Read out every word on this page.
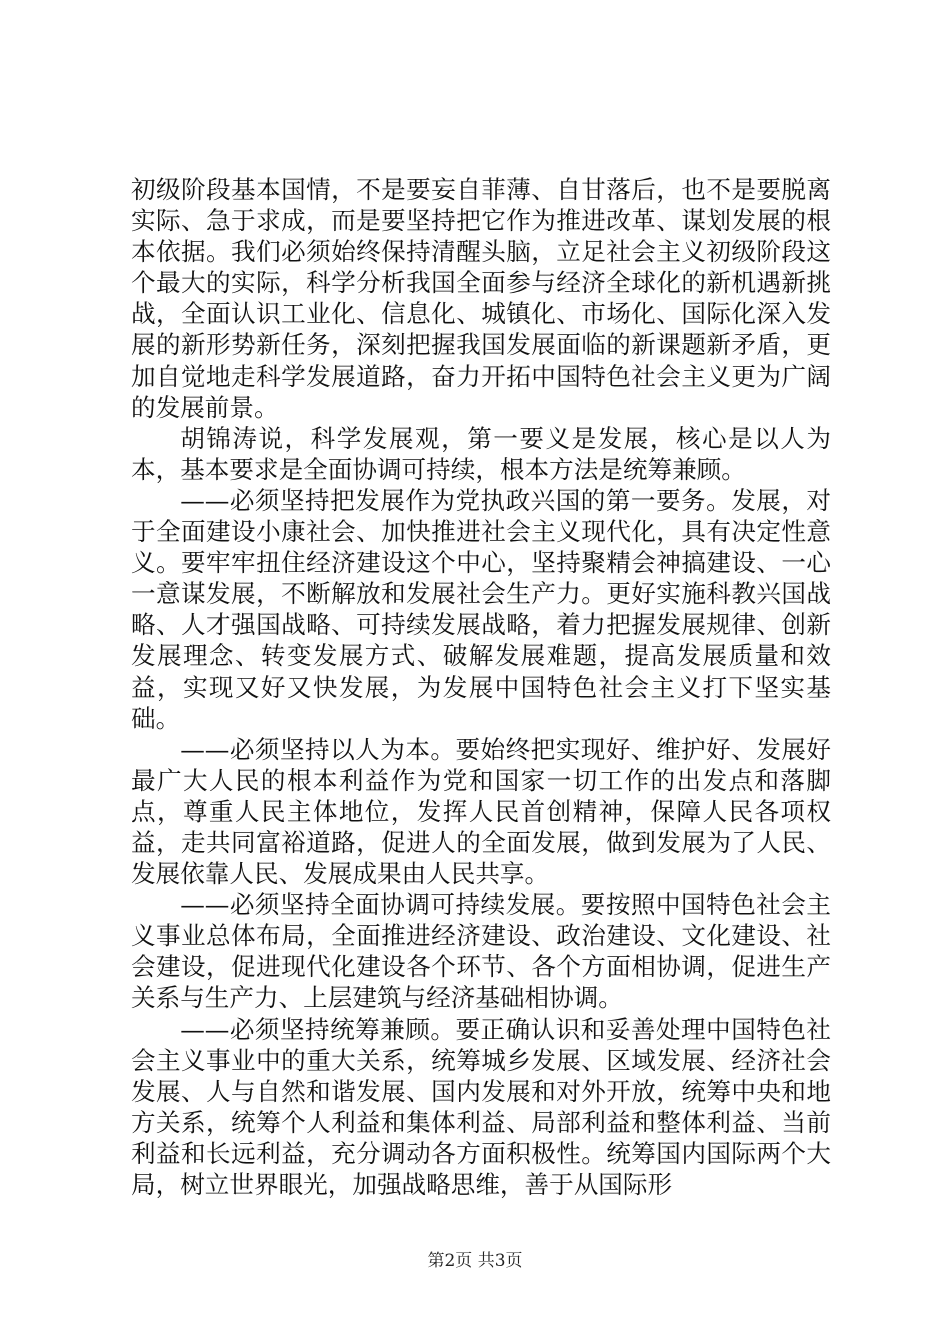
初级阶段基本国情，不是要妄自菲薄、自甘落后，也不是要脱离实际、急于求成，而是要坚持把它作为推进改革、谋划发展的根本依据。我们必须始终保持清醒头脑，立足社会主义初级阶段这个最大的实际，科学分析我国全面参与经济全球化的新机遇新挑战，全面认识工业化、信息化、城镇化、市场化、国际化深入发展的新形势新任务，深刻把握我国发展面临的新课题新矛盾，更加自觉地走科学发展道路，奋力开拓中国特色社会主义更为广阔的发展前景。

胡锦涛说，科学发展观，第一要义是发展，核心是以人为本，基本要求是全面协调可持续，根本方法是统筹兼顾。

——必须坚持把发展作为党执政兴国的第一要务。发展，对于全面建设小康社会、加快推进社会主义现代化，具有决定性意义。要牢牢扭住经济建设这个中心，坚持聚精会神搞建设、一心一意谋发展，不断解放和发展社会生产力。更好实施科教兴国战略、人才强国战略、可持续发展战略，着力把握发展规律、创新发展理念、转变发展方式、破解发展难题，提高发展质量和效益，实现又好又快发展，为发展中国特色社会主义打下坚实基础。

——必须坚持以人为本。要始终把实现好、维护好、发展好最广大人民的根本利益作为党和国家一切工作的出发点和落脚点，尊重人民主体地位，发挥人民首创精神，保障人民各项权益，走共同富裕道路，促进人的全面发展，做到发展为了人民、发展依靠人民、发展成果由人民共享。

——必须坚持全面协调可持续发展。要按照中国特色社会主义事业总体布局，全面推进经济建设、政治建设、文化建设、社会建设，促进现代化建设各个环节、各个方面相协调，促进生产关系与生产力、上层建筑与经济基础相协调。

——必须坚持统筹兼顾。要正确认识和妥善处理中国特色社会主义事业中的重大关系，统筹城乡发展、区域发展、经济社会发展、人与自然和谐发展、国内发展和对外开放，统筹中央和地方关系，统筹个人利益和集体利益、局部利益和整体利益、当前利益和长远利益，充分调动各方面积极性。统筹国内国际两个大局，树立世界眼光，加强战略思维，善于从国际形

第2页 共3页
